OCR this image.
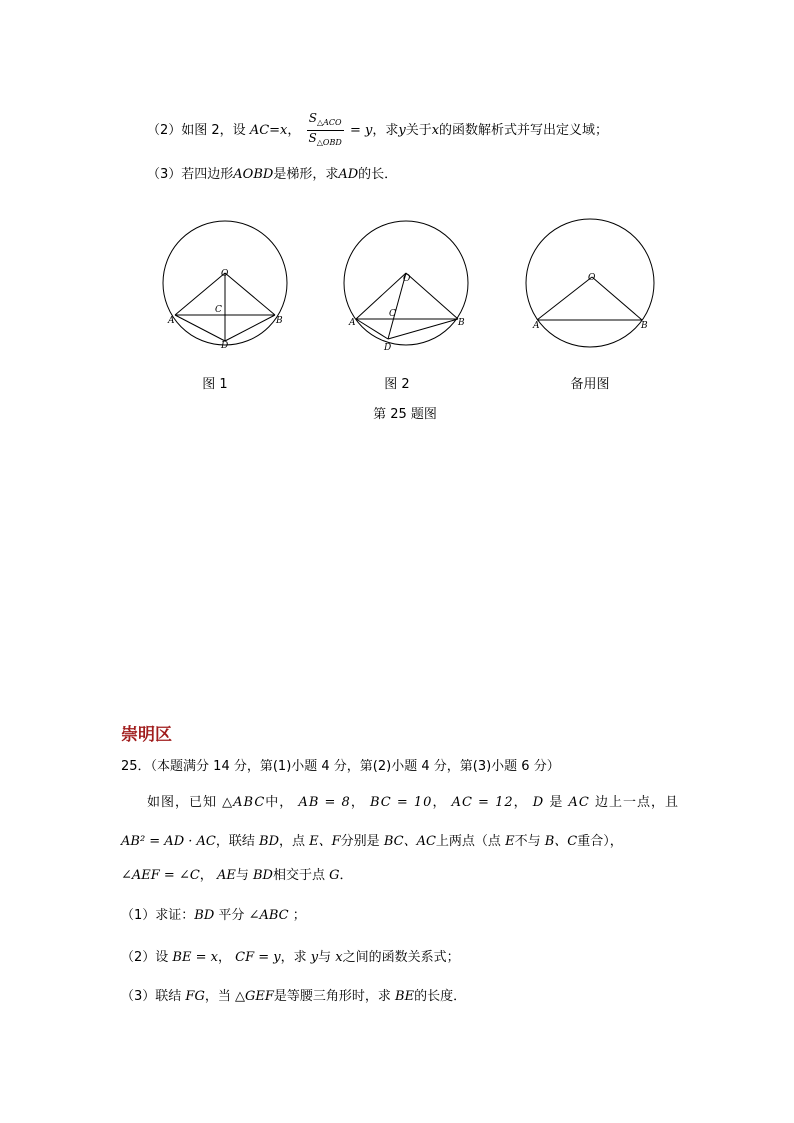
（2）如图 2，设 AC=x， $\frac{S_{\triangle ACO}}{S_{\triangle OBD}} = y$，求y关于x的函数解析式并写出定义域；
（3）若四边形AOBD是梯形，求AD的长．
O
A	B
C
D
O
A	B
C
D
O
A	B
图 1	图 2	备用图
第 25 题图
崇明区
25．（本题满分 14 分，第(1)小题 4 分，第(2)小题 4 分，第(3)小题 6 分）
如图，已知 △ABC中， AB = 8， BC = 10， AC = 12， D 是 AC 边上一点，且
AB² = AD · AC，联结 BD，点 E、F分别是 BC、AC上两点（点 E不与 B、C重合），
∠AEF = ∠C， AE与 BD相交于点 G．
（1）求证：BD 平分 ∠ABC ；
（2）设 BE = x， CF = y，求 y与 x之间的函数关系式；
（3）联结 FG，当 △GEF是等腰三角形时，求 BE的长度．
